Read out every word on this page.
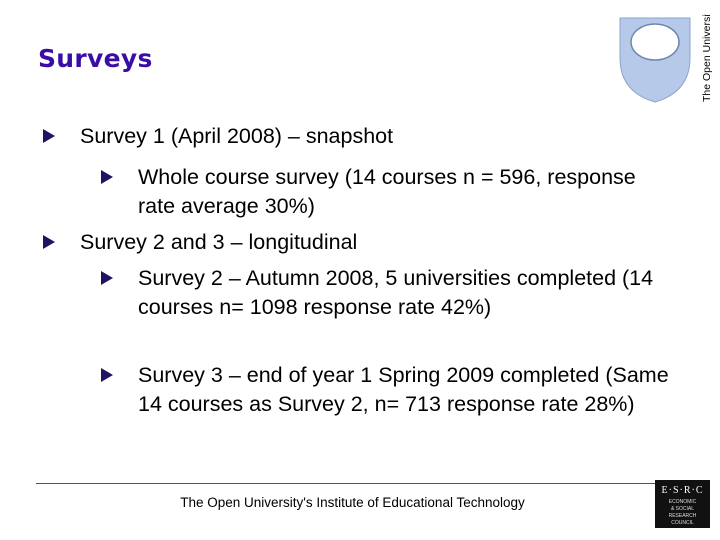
Surveys	The Open University
Survey 1 (April 2008) – snapshot
Whole course survey (14 courses n = 596, response rate average 30%)
Survey 2 and 3 – longitudinal
Survey 2 – Autumn 2008, 5 universities completed (14 courses n= 1098 response rate 42%)
Survey 3 – end of year 1 Spring 2009 completed (Same 14 courses as Survey 2, n= 713 response rate 28%)
The Open University's Institute of Educational Technology
E·S·R·C
ECONOMIC
& SOCIAL
RESEARCH
COUNCIL
